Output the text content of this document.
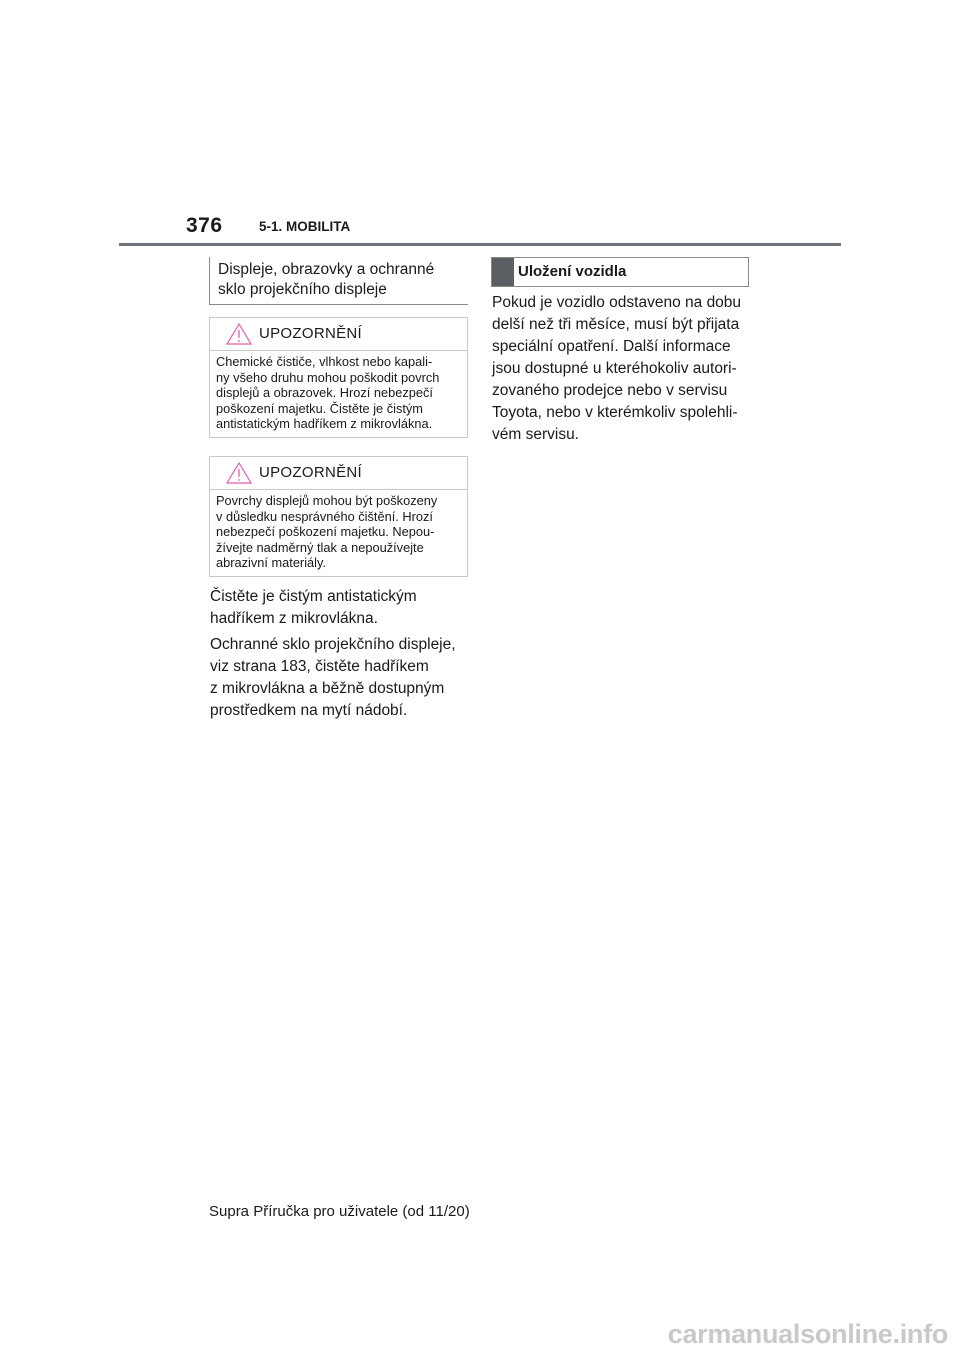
376	5-1. MOBILITA
Displeje, obrazovky a ochranné
sklo projekčního displeje
UPOZORNĚNÍ
Chemické čističe, vlhkost nebo kapali-
ny všeho druhu mohou poškodit povrch
displejů a obrazovek. Hrozí nebezpečí
poškození majetku. Čistěte je čistým
antistatickým hadříkem z mikrovlákna.
UPOZORNĚNÍ
Povrchy displejů mohou být poškozeny
v důsledku nesprávného čištění. Hrozí
nebezpečí poškození majetku. Nepou-
žívejte nadměrný tlak a nepoužívejte
abrazivní materiály.
Čistěte je čistým antistatickým
hadříkem z mikrovlákna.
Ochranné sklo projekčního displeje,
viz strana 183, čistěte hadříkem
z mikrovlákna a běžně dostupným
prostředkem na mytí nádobí.
Uložení vozidla
Pokud je vozidlo odstaveno na dobu
delší než tři měsíce, musí být přijata
speciální opatření. Další informace
jsou dostupné u kteréhokoliv autori-
zovaného prodejce nebo v servisu
Toyota, nebo v kterémkoliv spolehli-
vém servisu.
Supra Příručka pro uživatele (od 11/20)
carmanualsonline.info
